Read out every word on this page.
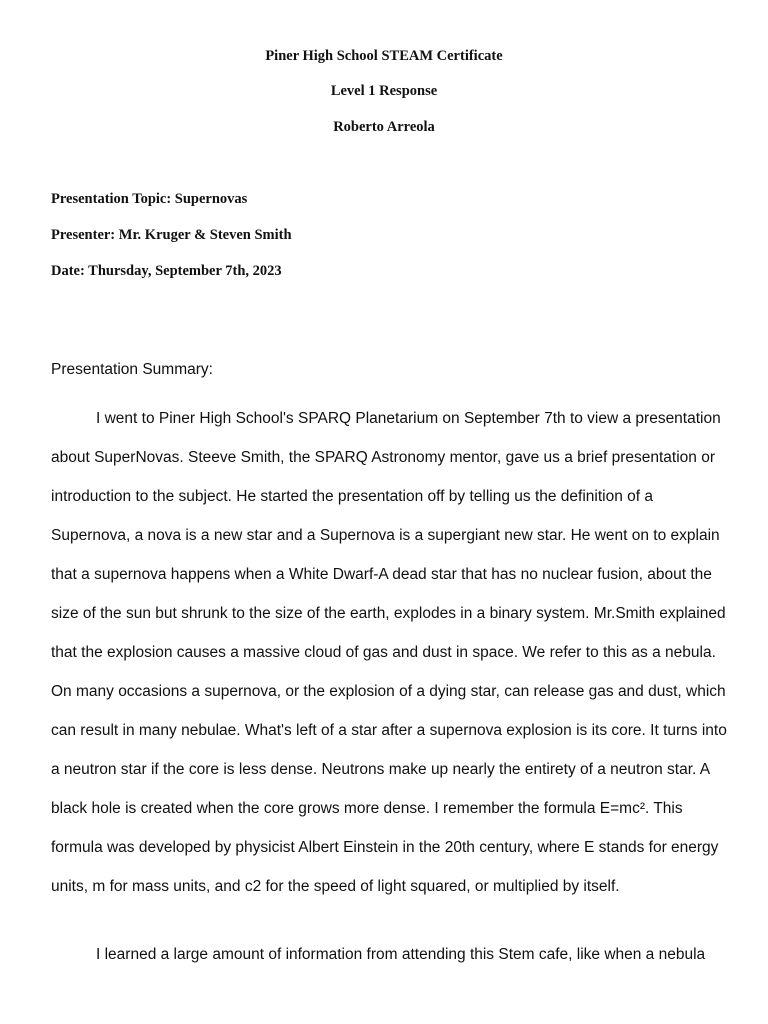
Piner High School STEAM Certificate
Level 1 Response
Roberto Arreola
Presentation Topic: Supernovas
Presenter: Mr. Kruger & Steven Smith
Date: Thursday, September 7th, 2023
Presentation Summary:
I went to Piner High School's SPARQ Planetarium on September 7th to view a presentation
about SuperNovas. Steeve Smith, the SPARQ Astronomy mentor, gave us a brief presentation or
introduction to the subject. He started the presentation off by telling us the definition of a
Supernova, a nova is a new star and a Supernova is a supergiant new star. He went on to explain
that a supernova happens when a White Dwarf-A dead star that has no nuclear fusion, about the
size of the sun but shrunk to the size of the earth, explodes in a binary system. Mr.Smith explained
that the explosion causes a massive cloud of gas and dust in space. We refer to this as a nebula.
On many occasions a supernova, or the explosion of a dying star, can release gas and dust, which
can result in many nebulae. What's left of a star after a supernova explosion is its core. It turns into
a neutron star if the core is less dense. Neutrons make up nearly the entirety of a neutron star. A
black hole is created when the core grows more dense. I remember the formula E=mc². This
formula was developed by physicist Albert Einstein in the 20th century, where E stands for energy
units, m for mass units, and c2 for the speed of light squared, or multiplied by itself.
I learned a large amount of information from attending this Stem cafe, like when a nebula
